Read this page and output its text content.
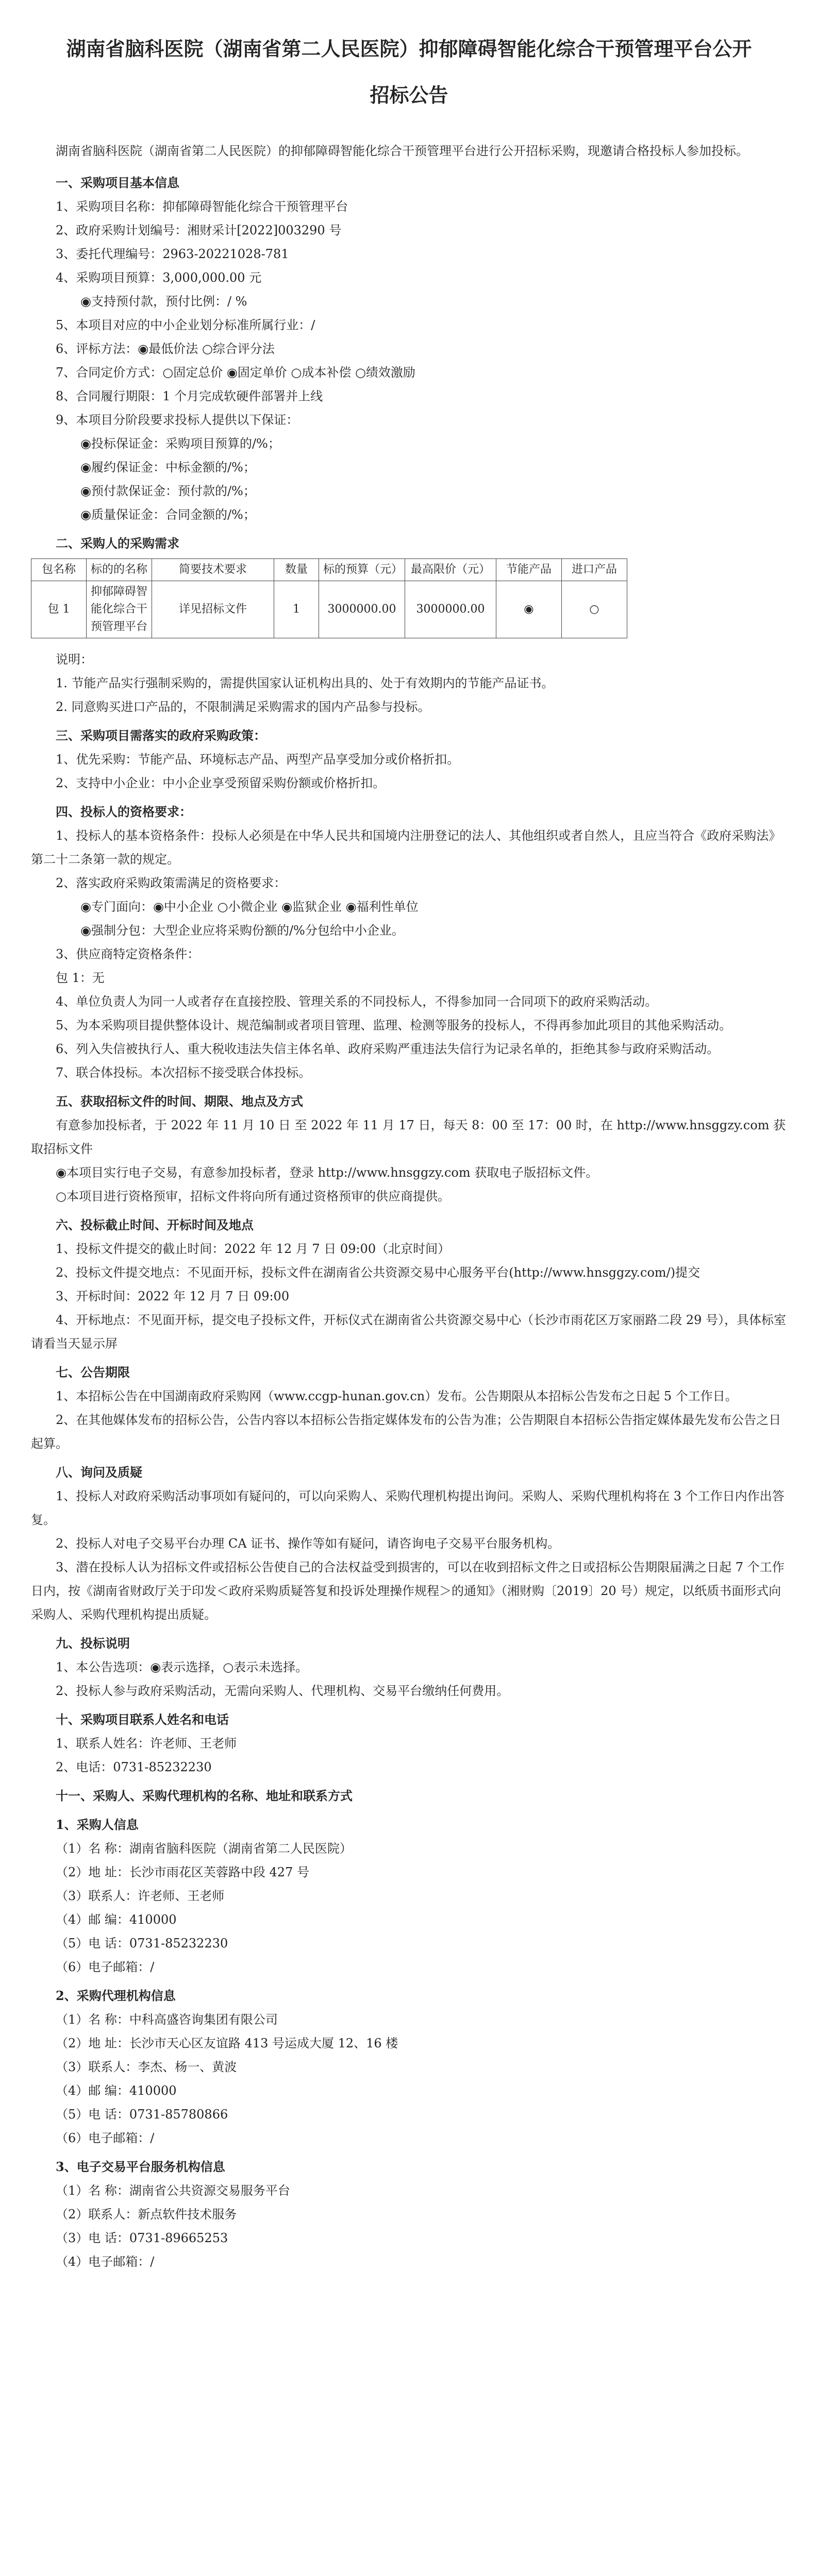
湖南省脑科医院（湖南省第二人民医院）抑郁障碍智能化综合干预管理平台公开
招标公告

湖南省脑科医院（湖南省第二人民医院）的抑郁障碍智能化综合干预管理平台进行公开招标采购，现邀请合格投标人参加投标。

一、采购项目基本信息
1、采购项目名称：抑郁障碍智能化综合干预管理平台
2、政府采购计划编号：湘财采计[2022]003290 号
3、委托代理编号：2963-20221028-781
4、采购项目预算：3,000,000.00 元
◉支持预付款，预付比例：/ %
5、本项目对应的中小企业划分标准所属行业：/
6、评标方法：◉最低价法 ○综合评分法
7、合同定价方式：○固定总价 ◉固定单价 ○成本补偿 ○绩效激励
8、合同履行期限：1 个月完成软硬件部署并上线
9、本项目分阶段要求投标人提供以下保证：
◉投标保证金：采购项目预算的/%；
◉履约保证金：中标金额的/%；
◉预付款保证金：预付款的/%；
◉质量保证金：合同金额的/%；
二、采购人的采购需求
包名称	标的的名称	简要技术要求	数量	标的预算（元）	最高限价（元）	节能产品	进口产品
包 1	抑郁障碍智能化综合干预管理平台	详见招标文件	1	3000000.00	3000000.00	◉	○
说明：
1. 节能产品实行强制采购的，需提供国家认证机构出具的、处于有效期内的节能产品证书。
2. 同意购买进口产品的，不限制满足采购需求的国内产品参与投标。
三、采购项目需落实的政府采购政策：
1、优先采购：节能产品、环境标志产品、两型产品享受加分或价格折扣。
2、支持中小企业：中小企业享受预留采购份额或价格折扣。
四、投标人的资格要求：
1、投标人的基本资格条件：投标人必须是在中华人民共和国境内注册登记的法人、其他组织或者自然人，且应当符合《政府采购法》第二十二条第一款的规定。
2、落实政府采购政策需满足的资格要求：
◉专门面向：◉中小企业 ○小微企业 ◉监狱企业 ◉福利性单位
◉强制分包：大型企业应将采购份额的/%分包给中小企业。
3、供应商特定资格条件：
包 1：无
4、单位负责人为同一人或者存在直接控股、管理关系的不同投标人，不得参加同一合同项下的政府采购活动。
5、为本采购项目提供整体设计、规范编制或者项目管理、监理、检测等服务的投标人，不得再参加此项目的其他采购活动。
6、列入失信被执行人、重大税收违法失信主体名单、政府采购严重违法失信行为记录名单的，拒绝其参与政府采购活动。
7、联合体投标。本次招标不接受联合体投标。
五、获取招标文件的时间、期限、地点及方式
有意参加投标者，于 2022 年 11 月 10 日 至 2022 年 11 月 17 日，每天 8：00 至 17：00 时，在 http://www.hnsggzy.com 获取招标文件
◉本项目实行电子交易，有意参加投标者，登录 http://www.hnsggzy.com 获取电子版招标文件。
○本项目进行资格预审，招标文件将向所有通过资格预审的供应商提供。
六、投标截止时间、开标时间及地点
1、投标文件提交的截止时间：2022 年 12 月 7 日 09:00（北京时间）
2、投标文件提交地点：不见面开标，投标文件在湖南省公共资源交易中心服务平台(http://www.hnsggzy.com/)提交
3、开标时间：2022 年 12 月 7 日 09:00
4、开标地点：不见面开标，提交电子投标文件，开标仪式在湖南省公共资源交易中心（长沙市雨花区万家丽路二段 29 号），具体标室请看当天显示屏
七、公告期限
1、本招标公告在中国湖南政府采购网（www.ccgp-hunan.gov.cn）发布。公告期限从本招标公告发布之日起 5 个工作日。
2、在其他媒体发布的招标公告，公告内容以本招标公告指定媒体发布的公告为准；公告期限自本招标公告指定媒体最先发布公告之日起算。
八、询问及质疑
1、投标人对政府采购活动事项如有疑问的，可以向采购人、采购代理机构提出询问。采购人、采购代理机构将在 3 个工作日内作出答复。
2、投标人对电子交易平台办理 CA 证书、操作等如有疑问，请咨询电子交易平台服务机构。
3、潜在投标人认为招标文件或招标公告使自己的合法权益受到损害的，可以在收到招标文件之日或招标公告期限届满之日起 7 个工作日内，按《湖南省财政厅关于印发＜政府采购质疑答复和投诉处理操作规程＞的通知》（湘财购〔2019〕20 号）规定，以纸质书面形式向采购人、采购代理机构提出质疑。
九、投标说明
1、本公告选项：◉表示选择，○表示未选择。
2、投标人参与政府采购活动，无需向采购人、代理机构、交易平台缴纳任何费用。
十、采购项目联系人姓名和电话
1、联系人姓名：许老师、王老师
2、电话：0731-85232230
十一、采购人、采购代理机构的名称、地址和联系方式
1、采购人信息
（1）名 称：湖南省脑科医院（湖南省第二人民医院）
（2）地 址：长沙市雨花区芙蓉路中段 427 号
（3）联系人：许老师、王老师
（4）邮 编：410000
（5）电 话：0731-85232230
（6）电子邮箱：/
2、采购代理机构信息
（1）名 称：中科高盛咨询集团有限公司
（2）地 址：长沙市天心区友谊路 413 号运成大厦 12、16 楼
（3）联系人：李杰、杨一、黄波
（4）邮 编：410000
（5）电 话：0731-85780866
（6）电子邮箱：/
3、电子交易平台服务机构信息
（1）名 称：湖南省公共资源交易服务平台
（2）联系人：新点软件技术服务
（3）电 话：0731-89665253
（4）电子邮箱：/
